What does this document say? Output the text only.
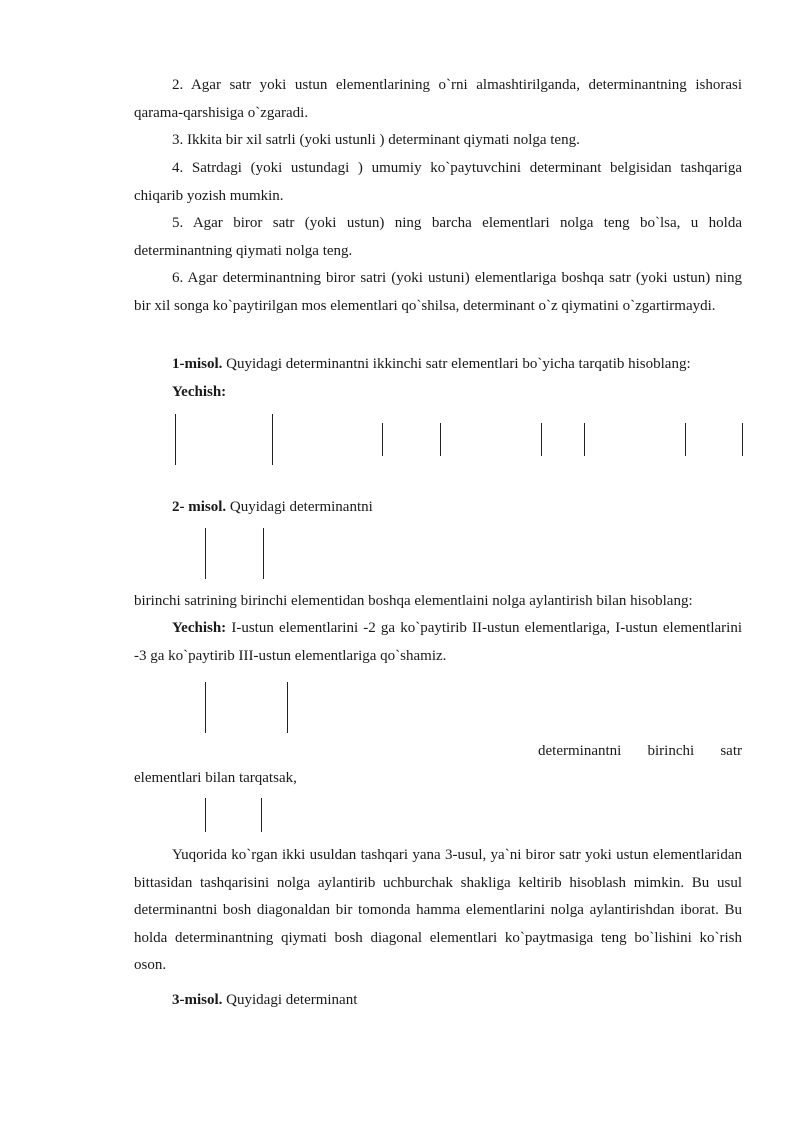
2. Agar satr yoki ustun elementlarining o`rni almashtirilganda, determinantning ishorasi qarama-qarshisiga o`zgaradi.

3. Ikkita bir xil satrli (yoki ustunli ) determinant qiymati nolga teng.

4. Satrdagi (yoki ustundagi ) umumiy ko`paytuvchini determinant belgisidan tashqariga chiqarib yozish mumkin.

5. Agar biror satr (yoki ustun) ning barcha elementlari nolga teng bo`lsa, u holda determinantning qiymati nolga teng.

6. Agar determinantning biror satri (yoki ustuni) elementlariga boshqa satr (yoki ustun) ning bir xil songa ko`paytirilgan mos elementlari qo`shilsa, determinant o`z qiymatini o`zgartirmaydi.

1-misol. Quyidagi determinantni ikkinchi satr elementlari bo`yicha tarqatib hisoblang:
Yechish:
2- misol. Quyidagi determinantni
birinchi satrining birinchi elementidan boshqa elementlaini nolga aylantirish bilan hisoblang:

Yechish: I-ustun elementlarini -2 ga ko`paytirib II-ustun elementlariga, I-ustun elementlarini -3 ga ko`paytirib III-ustun elementlariga qo`shamiz.

determinantni birinchi satr
elementlari bilan tarqatsak,

Yuqorida ko`rgan ikki usuldan tashqari yana 3-usul, ya`ni biror satr yoki ustun elementlaridan bittasidan tashqarisini nolga aylantirib uchburchak shakliga keltirib hisoblash mimkin. Bu usul determinantni bosh diagonaldan bir tomonda hamma elementlarini nolga aylantirishdan iborat. Bu holda determinantning qiymati bosh diagonal elementlari ko`paytmasiga teng bo`lishini ko`rish oson.

3-misol. Quyidagi determinant
